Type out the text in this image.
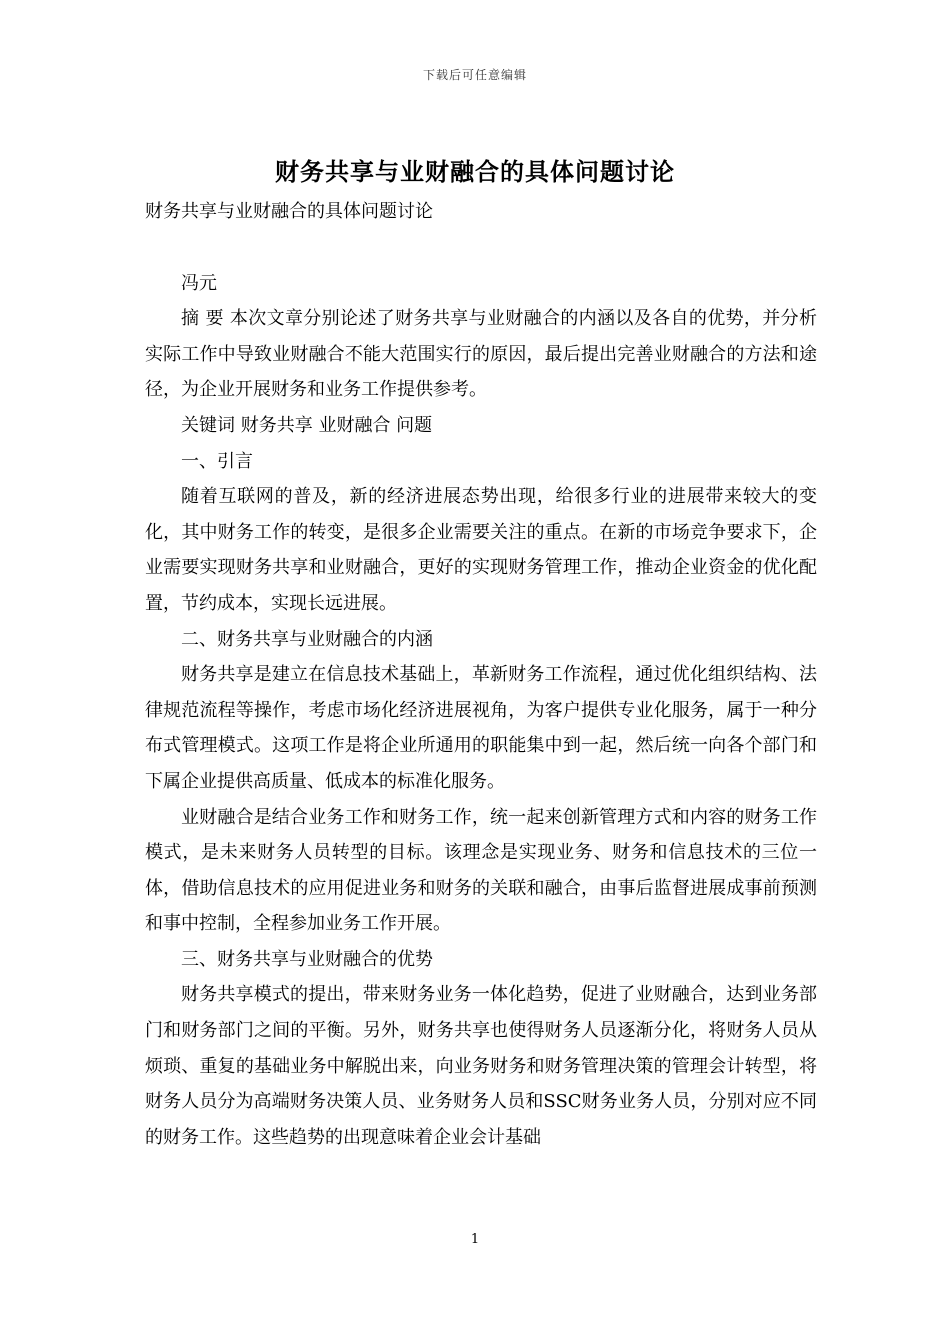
下载后可任意编辑
财务共享与业财融合的具体问题讨论

财务共享与业财融合的具体问题讨论

冯元

摘 要 本次文章分别论述了财务共享与业财融合的内涵以及各自的优势，并分析实际工作中导致业财融合不能大范围实行的原因，最后提出完善业财融合的方法和途径，为企业开展财务和业务工作提供参考。

关键词 财务共享 业财融合 问题

一、引言

随着互联网的普及，新的经济进展态势出现，给很多行业的进展带来较大的变化，其中财务工作的转变，是很多企业需要关注的重点。在新的市场竞争要求下，企业需要实现财务共享和业财融合，更好的实现财务管理工作，推动企业资金的优化配置，节约成本，实现长远进展。

二、财务共享与业财融合的内涵

财务共享是建立在信息技术基础上，革新财务工作流程，通过优化组织结构、法律规范流程等操作，考虑市场化经济进展视角，为客户提供专业化服务，属于一种分布式管理模式。这项工作是将企业所通用的职能集中到一起，然后统一向各个部门和下属企业提供高质量、低成本的标准化服务。

业财融合是结合业务工作和财务工作，统一起来创新管理方式和内容的财务工作模式，是未来财务人员转型的目标。该理念是实现业务、财务和信息技术的三位一体，借助信息技术的应用促进业务和财务的关联和融合，由事后监督进展成事前预测和事中控制，全程参加业务工作开展。

三、财务共享与业财融合的优势

财务共享模式的提出，带来财务业务一体化趋势，促进了业财融合，达到业务部门和财务部门之间的平衡。另外，财务共享也使得财务人员逐渐分化，将财务人员从烦琐、重复的基础业务中解脱出来，向业务财务和财务管理决策的管理会计转型，将财务人员分为高端财务决策人员、业务财务人员和SSC财务业务人员，分别对应不同的财务工作。这些趋势的出现意味着企业会计基础

1
